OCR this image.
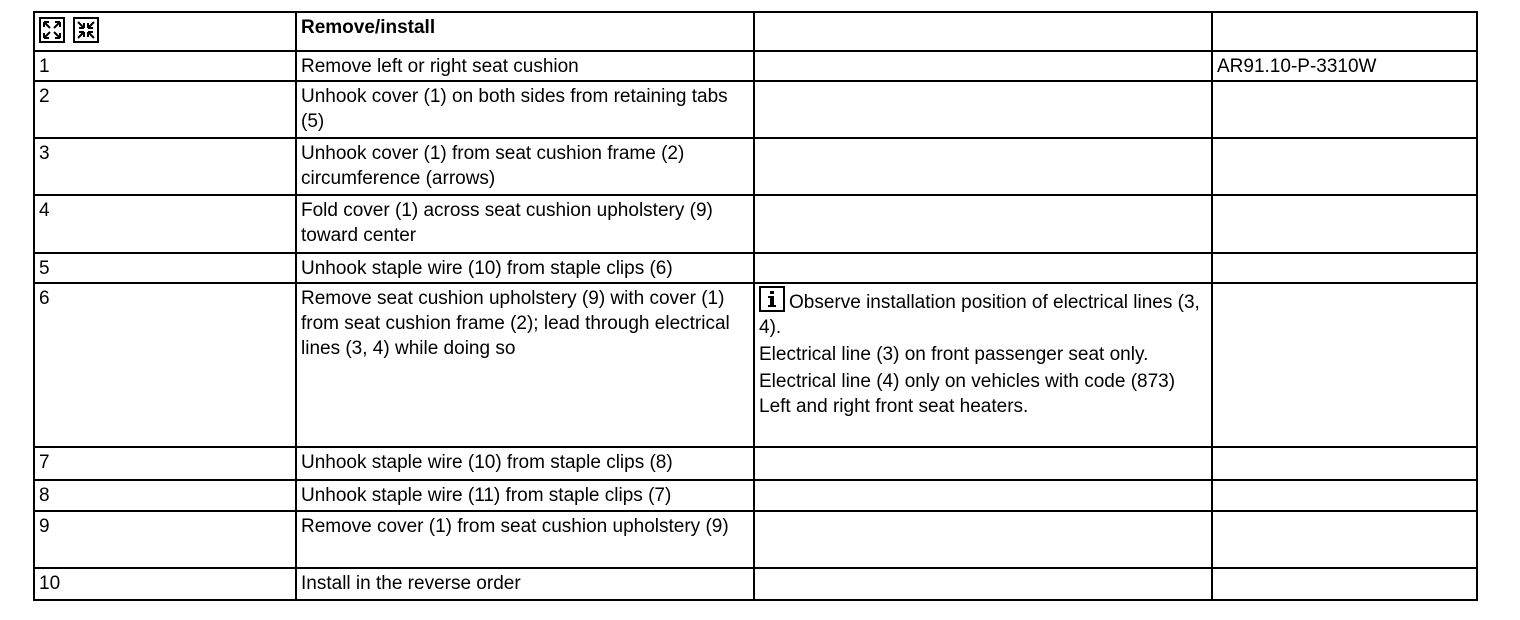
	Remove/install		
1	Remove left or right seat cushion		AR91.10-P-3310W
2	Unhook cover (1) on both sides from retaining tabs (5)		
3	Unhook cover (1) from seat cushion frame (2) circumference (arrows)		
4	Fold cover (1) across seat cushion upholstery (9) toward center		
5	Unhook staple wire (10) from staple clips (6)		
6	Remove seat cushion upholstery (9) with cover (1) from seat cushion frame (2); lead through electrical lines (3, 4) while doing so	Observe installation position of electrical lines (3, 4).
Electrical line (3) on front passenger seat only.
Electrical line (4) only on vehicles with code (873) Left and right front seat heaters.	

7	Unhook staple wire (10) from staple clips (8)		
8	Unhook staple wire (11) from staple clips (7)		
9	Remove cover (1) from seat cushion upholstery (9)		
10	Install in the reverse order		
